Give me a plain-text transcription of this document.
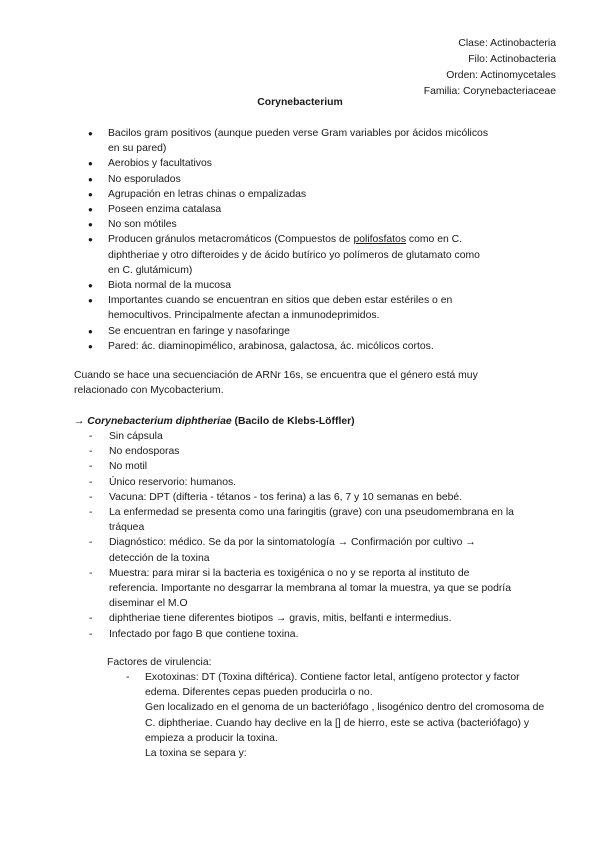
Clase: Actinobacteria
Filo: Actinobacteria
Orden: Actinomycetales
Familia: Corynebacteriaceae
Corynebacterium
● Bacilos gram positivos (aunque pueden verse Gram variables por ácidos micólicos en su pared)
● Aerobios y facultativos
● No esporulados
● Agrupación en letras chinas o empalizadas
● Poseen enzima catalasa
● No son mótiles
● Producen gránulos metacromáticos (Compuestos de polifosfatos como en C. diphtheriae y otro difteroides y de ácido butírico yo polímeros de glutamato como en C. glutámicum)
● Biota normal de la mucosa
● Importantes cuando se encuentran en sitios que deben estar estériles o en hemocultivos. Principalmente afectan a inmunodeprimidos.
● Se encuentran en faringe y nasofaringe
● Pared: ác. diaminopimélico, arabinosa, galactosa, ác. micólicos cortos.

Cuando se hace una secuenciación de ARNr 16s, se encuentra que el género está muy relacionado con Mycobacterium.

→ Corynebacterium diphtheriae (Bacilo de Klebs-Löffler)

- Sin cápsula
- No endosporas
- No motil
- Único reservorio: humanos.
- Vacuna: DPT (difteria - tétanos - tos ferina) a las 6, 7 y 10 semanas en bebé.
- La enfermedad se presenta como una faringitis (grave) con una pseudomembrana en la tráquea
- Diagnóstico: médico. Se da por la sintomatología → Confirmación por cultivo → detección de la toxina
- Muestra: para mirar si la bacteria es toxigénica o no y se reporta al instituto de referencia. Importante no desgarrar la membrana al tomar la muestra, ya que se podría diseminar el M.O
- diphtheriae tiene diferentes biotipos → gravis, mitis, belfanti e intermedius.
- Infectado por fago B que contiene toxina.

Factores de virulencia:

- Exotoxinas: DT (Toxina diftérica). Contiene factor letal, antígeno protector y factor edema. Diferentes cepas pueden producirla o no.
Gen localizado en el genoma de un bacteriófago , lisogénico dentro del cromosoma de C. diphtheriae. Cuando hay declive en la [] de hierro, este se activa (bacteriófago) y empieza a producir la toxina.
La toxina se separa y:
